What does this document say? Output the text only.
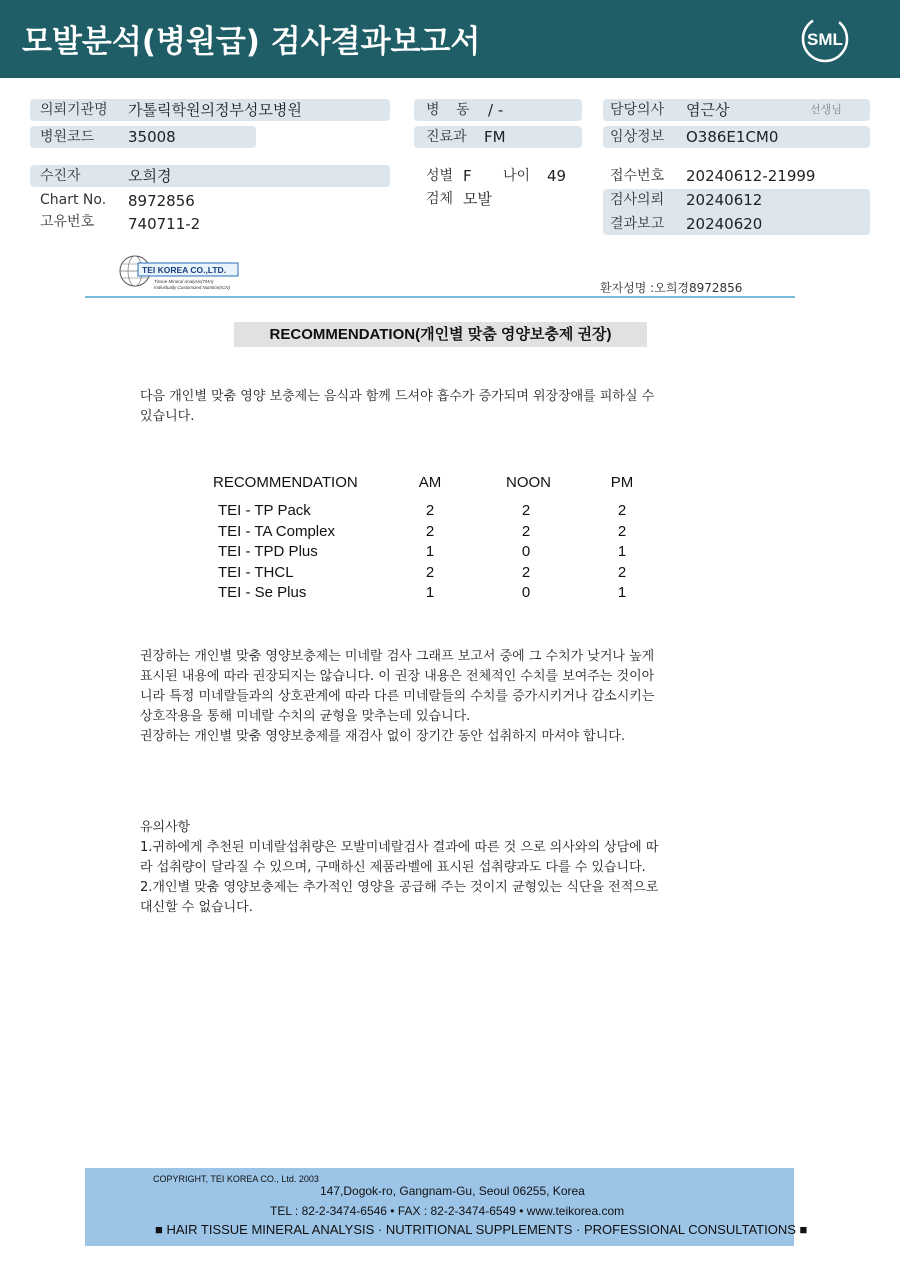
모발분석(병원급) 검사결과보고서	SML
의뢰기관명 가톨릭학원의정부성모병원	병 동 / -	담당의사 염근상	선생님
병원코드 35008	진료과 FM	임상정보 O386E1CM0
수진자	오희경	성별 F 나이 49	접수번호 20240612-21999
Chart No. 8972856	검체 모발	검사의뢰 20240612
고유번호 740711-2	결과보고 20240620
TEI KOREA CO.,LTD.
Tissue Mineral Analysis(TMA)
Individually Customized Nutrition(ICN)	환자성명 :오희경8972856
RECOMMENDATION(개인별 맞춤 영양보충제 권장)
다음 개인별 맞춤 영양 보충제는 음식과 함께 드셔야 흡수가 증가되며 위장장애를 피하실 수
있습니다.
RECOMMENDATION	AM	NOON	PM
TEI - TP Pack	2	2	2
TEI - TA Complex	2	2	2
TEI - TPD Plus	1	0	1
TEI - THCL	2	2	2
TEI - Se Plus	1	0	1
권장하는 개인별 맞춤 영양보충제는 미네랄 검사 그래프 보고서 중에 그 수치가 낮거나 높게
표시된 내용에 따라 권장되지는 않습니다. 이 권장 내용은 전체적인 수치를 보여주는 것이아
니라 특정 미네랄들과의 상호관계에 따라 다른 미네랄들의 수치를 증가시키거나 감소시키는
상호작용을 통해 미네랄 수치의 균형을 맞추는데 있습니다.
권장하는 개인별 맞춤 영양보충제를 재검사 없이 장기간 동안 섭취하지 마셔야 합니다.
유의사항
1.귀하에게 추천된 미네랄섭취량은 모발미네랄검사 결과에 따른 것 으로 의사와의 상담에 따
라 섭취량이 달라질 수 있으며, 구매하신 제품라벨에 표시된 섭취량과도 다를 수 있습니다.
2.개인별 맞춤 영양보충제는 추가적인 영양을 공급해 주는 것이지 균형있는 식단을 전적으로
대신할 수 없습니다.
COPYRIGHT, TEI KOREA CO., Ltd. 2003
147,Dogok-ro, Gangnam-Gu, Seoul 06255, Korea
TEL : 82-2-3474-6546 • FAX : 82-2-3474-6549 • www.teikorea.com
■ HAIR TISSUE MINERAL ANALYSIS · NUTRITIONAL SUPPLEMENTS · PROFESSIONAL CONSULTATIONS ■
